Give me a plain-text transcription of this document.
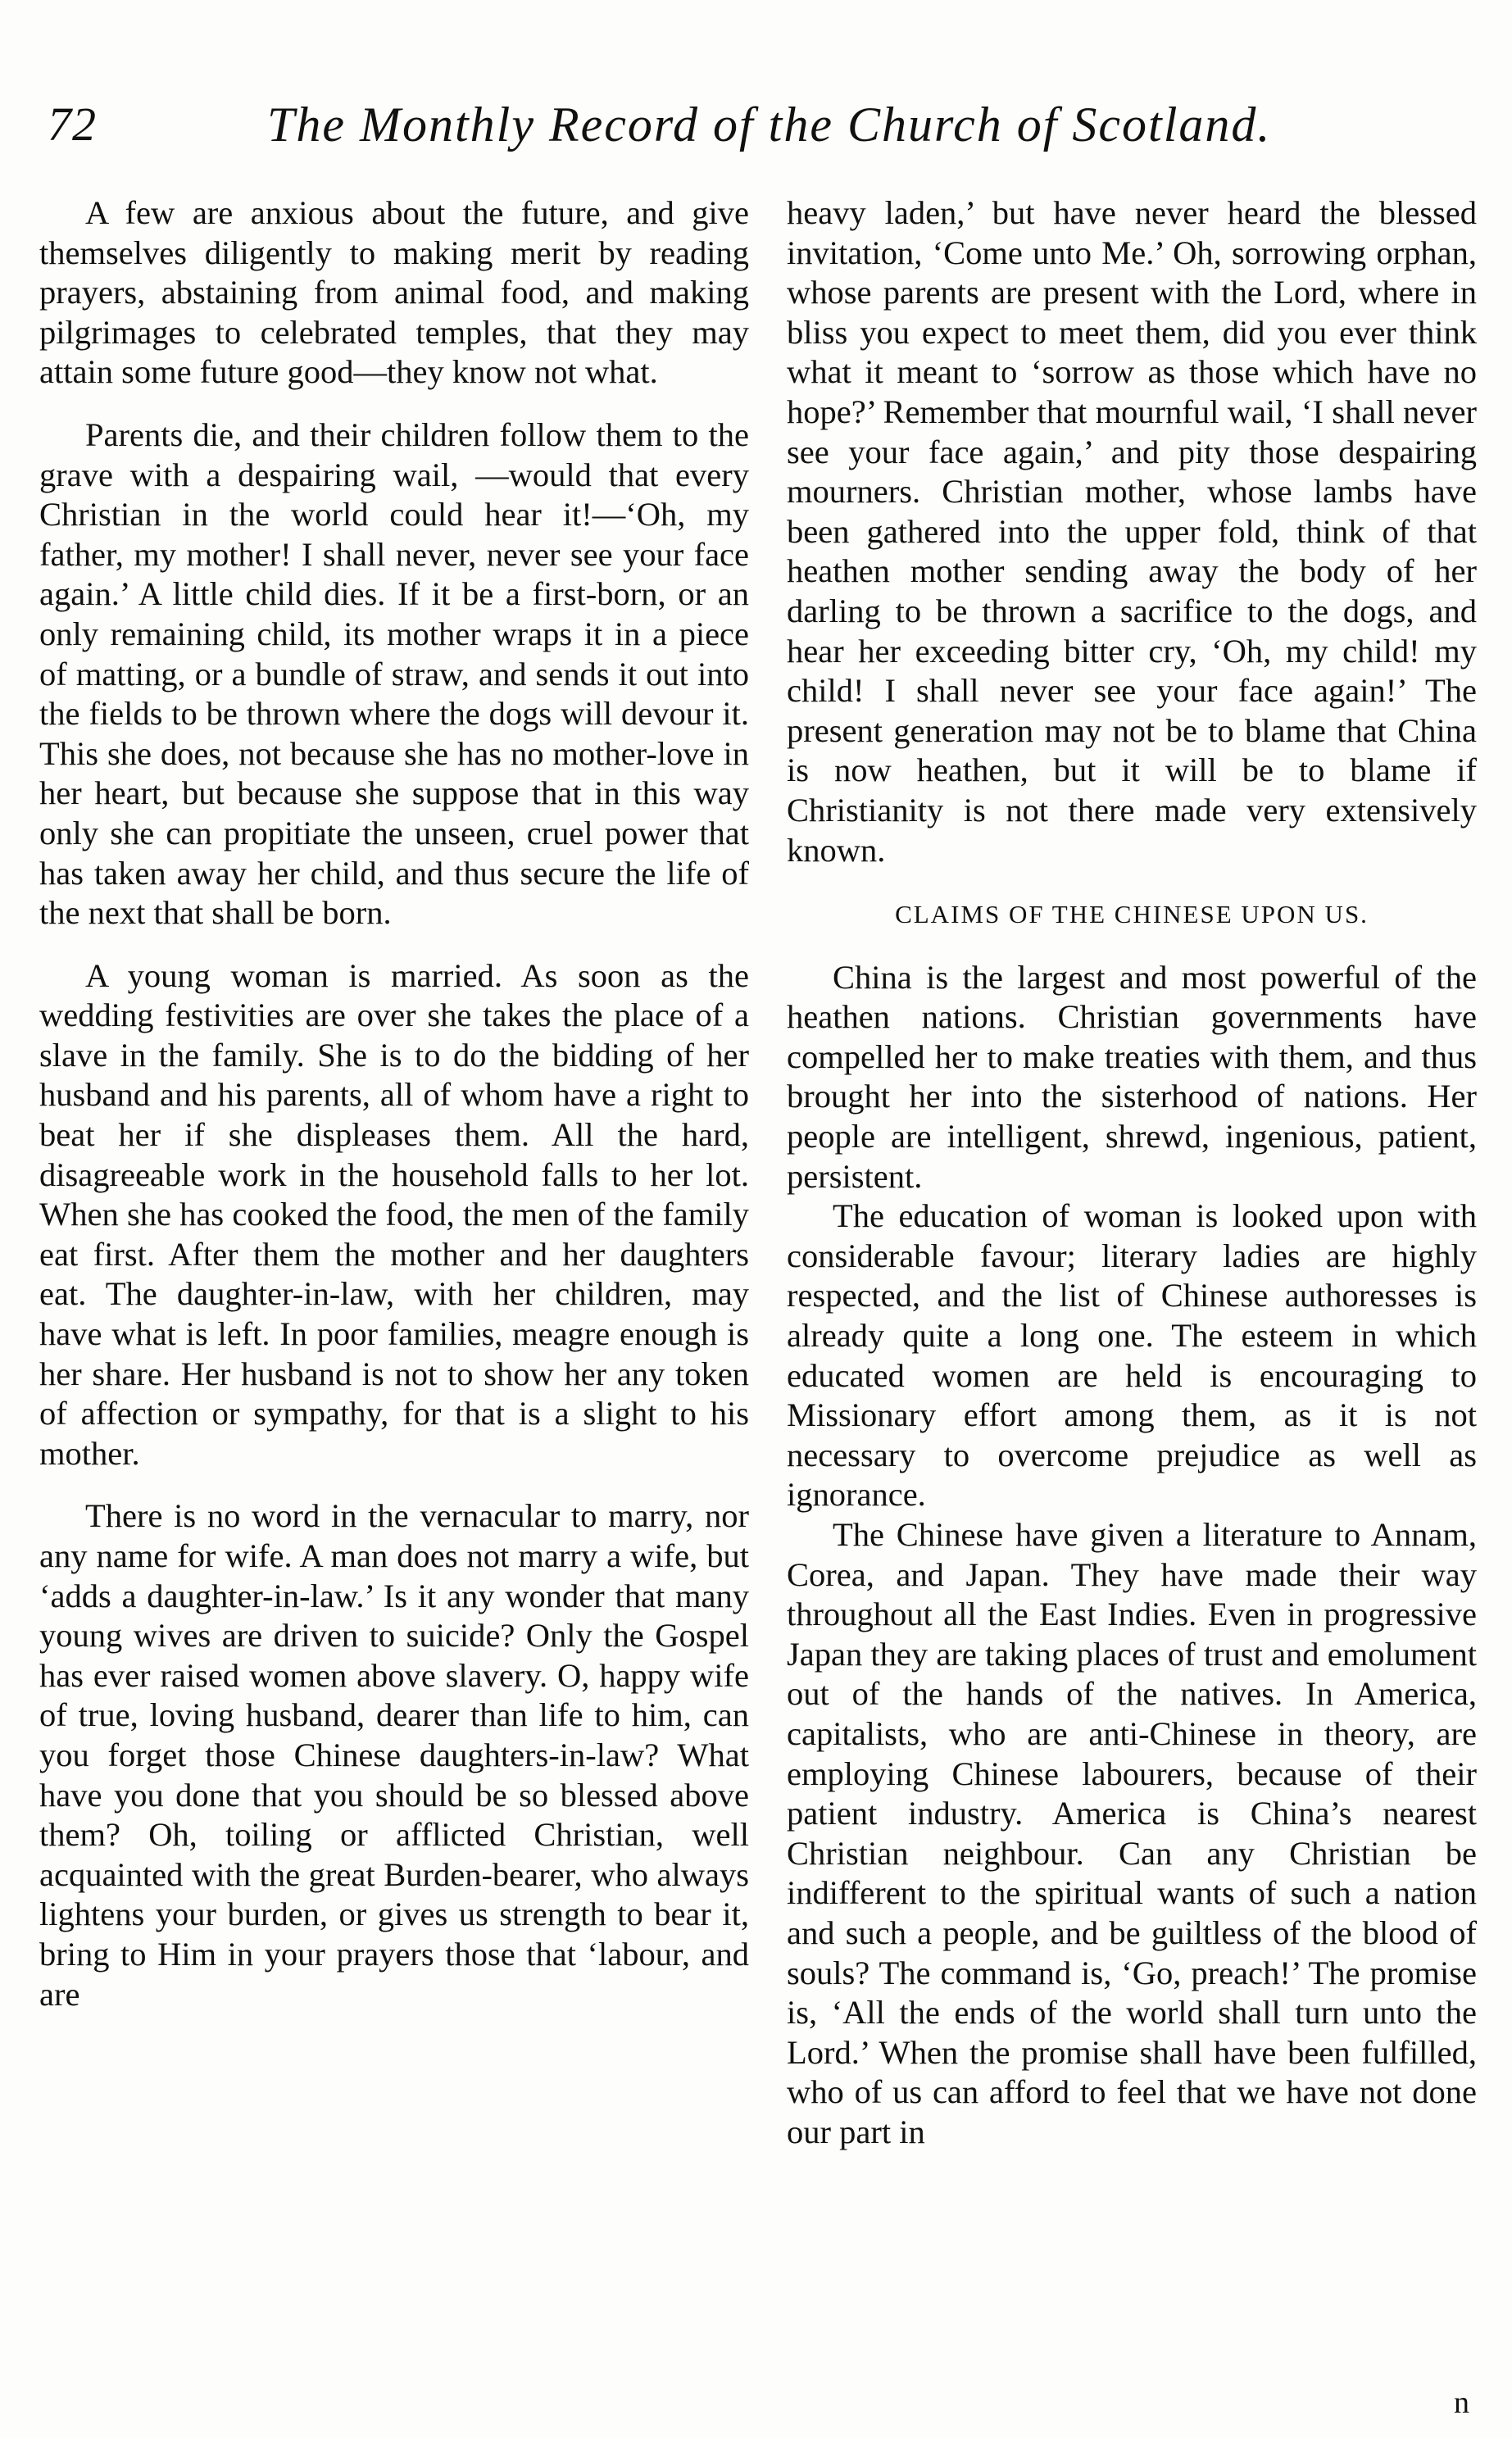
72	The Monthly Record of the Church of Scotland.

A few are anxious about the future, and give themselves diligently to making merit by reading prayers, abstaining from animal food, and making pilgrimages to celebrated temples, that they may attain some future good—they know not what.

Parents die, and their children follow them to the grave with a despairing wail, —would that every Christian in the world could hear it!—‘Oh, my father, my mother! I shall never, never see your face again.’ A little child dies. If it be a first-born, or an only remaining child, its mother wraps it in a piece of matting, or a bundle of straw, and sends it out into the fields to be thrown where the dogs will devour it. This she does, not because she has no mother-love in her heart, but because she suppose that in this way only she can propitiate the unseen, cruel power that has taken away her child, and thus secure the life of the next that shall be born.

A young woman is married. As soon as the wedding festivities are over she takes the place of a slave in the family. She is to do the bidding of her husband and his parents, all of whom have a right to beat her if she displeases them. All the hard, disagreeable work in the household falls to her lot. When she has cooked the food, the men of the family eat first. After them the mother and her daughters eat. The daughter-in-law, with her children, may have what is left. In poor families, meagre enough is her share. Her husband is not to show her any token of affection or sympathy, for that is a slight to his mother.

There is no word in the vernacular to marry, nor any name for wife. A man does not marry a wife, but ‘adds a daughter-in-law.’ Is it any wonder that many young wives are driven to suicide? Only the Gospel has ever raised women above slavery. O, happy wife of true, loving husband, dearer than life to him, can you forget those Chinese daughters-in-law? What have you done that you should be so blessed above them? Oh, toiling or afflicted Christian, well acquainted with the great Burden-bearer, who always lightens your burden, or gives us strength to bear it, bring to Him in your prayers those that ‘labour, and are

heavy laden,’ but have never heard the blessed invitation, ‘Come unto Me.’ Oh, sorrowing orphan, whose parents are present with the Lord, where in bliss you expect to meet them, did you ever think what it meant to ‘sorrow as those which have no hope?’ Remember that mournful wail, ‘I shall never see your face again,’ and pity those despairing mourners. Christian mother, whose lambs have been gathered into the upper fold, think of that heathen mother sending away the body of her darling to be thrown a sacrifice to the dogs, and hear her exceeding bitter cry, ‘Oh, my child! my child! I shall never see your face again!’ The present generation may not be to blame that China is now heathen, but it will be to blame if Christianity is not there made very extensively known.

CLAIMS OF THE CHINESE UPON US.

China is the largest and most powerful of the heathen nations. Christian governments have compelled her to make treaties with them, and thus brought her into the sisterhood of nations. Her people are intelligent, shrewd, ingenious, patient, persistent.

The education of woman is looked upon with considerable favour; literary ladies are highly respected, and the list of Chinese authoresses is already quite a long one. The esteem in which educated women are held is encouraging to Missionary effort among them, as it is not necessary to overcome prejudice as well as ignorance.

The Chinese have given a literature to Annam, Corea, and Japan. They have made their way throughout all the East Indies. Even in progressive Japan they are taking places of trust and emolument out of the hands of the natives. In America, capitalists, who are anti-Chinese in theory, are employing Chinese labourers, because of their patient industry. America is China’s nearest Christian neighbour. Can any Christian be indifferent to the spiritual wants of such a nation and such a people, and be guiltless of the blood of souls? The command is, ‘Go, preach!’ The promise is, ‘All the ends of the world shall turn unto the Lord.’ When the promise shall have been fulfilled, who of us can afford to feel that we have not done our part in

n
